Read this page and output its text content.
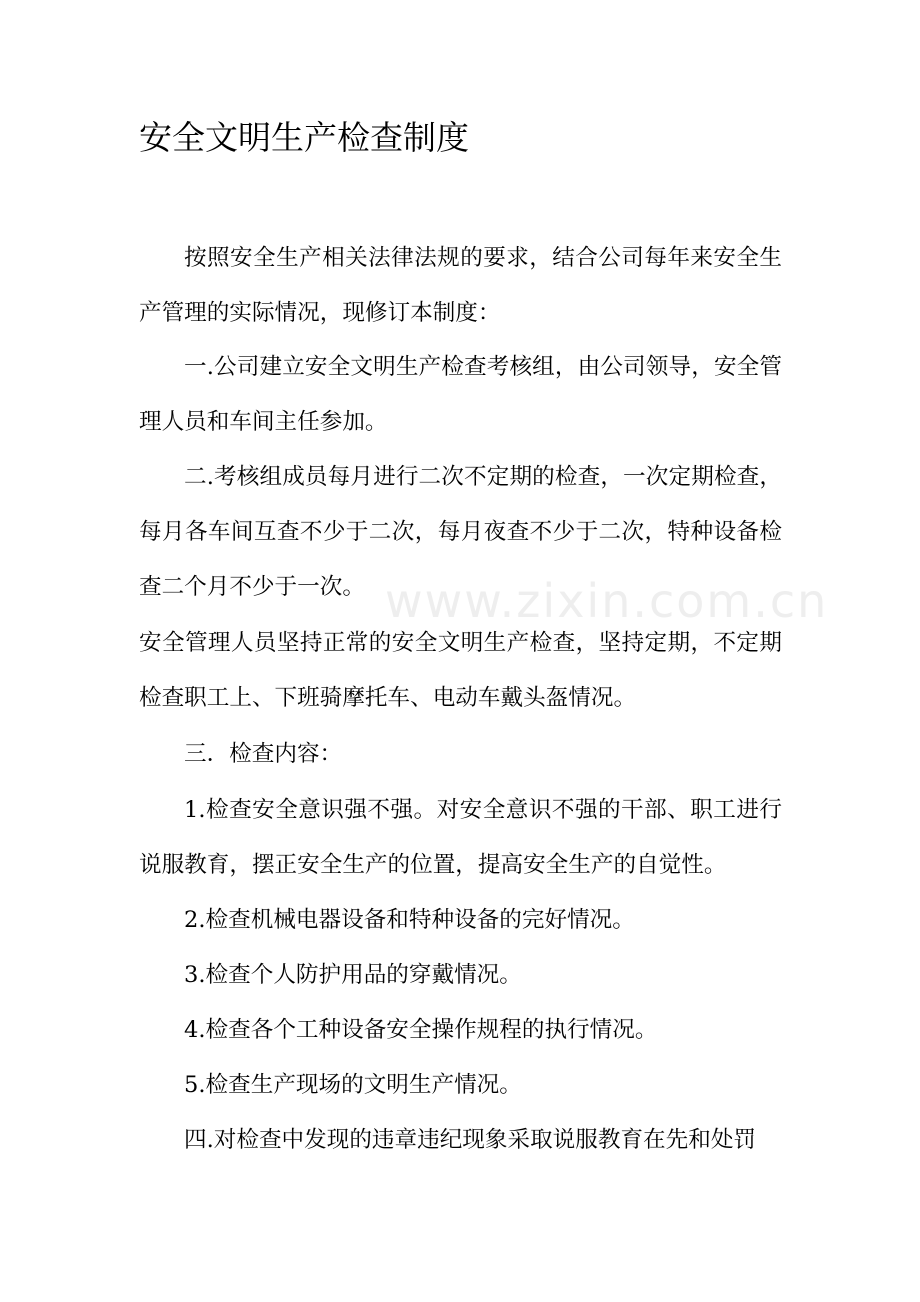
www.zixin.com.cn
安全文明生产检查制度

按照安全生产相关法律法规的要求，结合公司每年来安全生产管理的实际情况，现修订本制度：

一.公司建立安全文明生产检查考核组，由公司领导，安全管理人员和车间主任参加。

二.考核组成员每月进行二次不定期的检查，一次定期检查，每月各车间互查不少于二次，每月夜查不少于二次，特种设备检查二个月不少于一次。

安全管理人员坚持正常的安全文明生产检查，坚持定期，不定期检查职工上、下班骑摩托车、电动车戴头盔情况。

三．检查内容：

1.检查安全意识强不强。对安全意识不强的干部、职工进行说服教育，摆正安全生产的位置，提高安全生产的自觉性。

2.检查机械电器设备和特种设备的完好情况。

3.检查个人防护用品的穿戴情况。

4.检查各个工种设备安全操作规程的执行情况。

5.检查生产现场的文明生产情况。

四.对检查中发现的违章违纪现象采取说服教育在先和处罚
